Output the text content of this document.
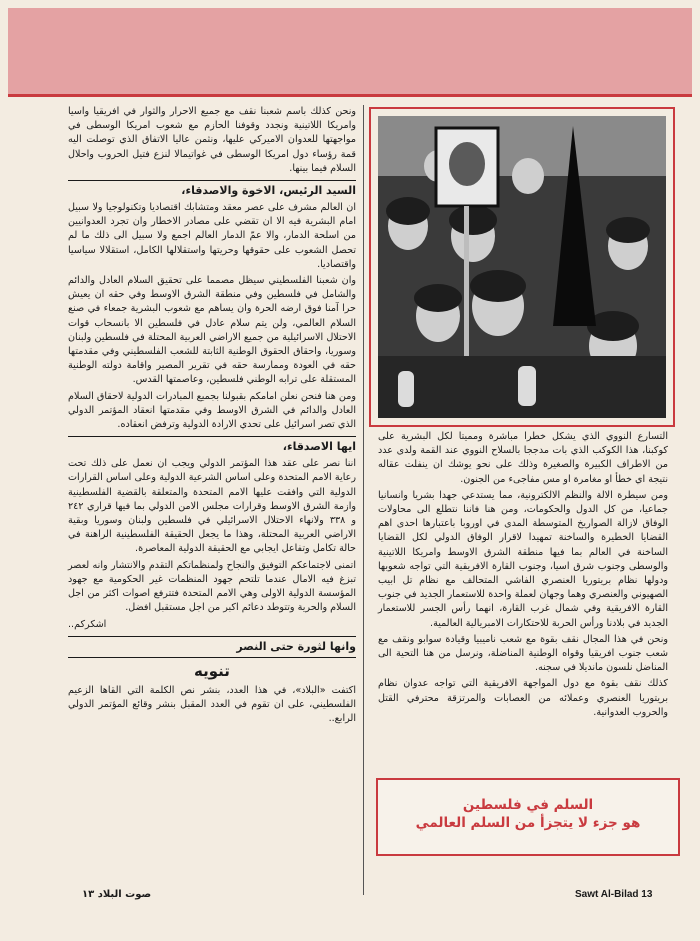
ونحن كذلك باسم شعبنا نقف مع جميع الاحرار والثوار في افريقيا واسيا وامريكا اللاتينية ونجدد وقوفنا الحازم مع شعوب امريكا الوسطى في مواجهتها للعدوان الاميركي عليها، ونثمن عاليا الاتفاق الذي توصلت اليه قمة رؤساء دول امريكا الوسطى في غواتيمالا لنزع فتيل الحروب واحلال السلام فيما بينها.

السيد الرئيس، الاخوة والاصدقاء،

ان العالم مشرف على عصر معقد ومتشابك اقتصاديا وتكنولوجيا ولا سبيل امام البشرية فيه الا ان تقضي على مصادر الاخطار وان تجرد العدوانيين من اسلحة الدمار، والا عمّ الدمار العالم اجمع ولا سبيل الى ذلك ما لم تحصل الشعوب على حقوقها وحريتها واستقلالها الكامل، استقلالا سياسيا واقتصاديا.

وان شعبنا الفلسطيني سيظل مصمما على تحقيق السلام العادل والدائم والشامل في فلسطين وفي منطقة الشرق الاوسط وفي حقه ان يعيش حرا آمنا فوق ارضه الحرة وان يساهم مع شعوب البشرية جمعاء في صنع السلام العالمي، ولن يتم سلام عادل في فلسطين الا بانسحاب قوات الاحتلال الاسرائيلية من جميع الاراضي العربية المحتلة في فلسطين ولبنان وسوريا، واحقاق الحقوق الوطنية الثابتة للشعب الفلسطيني وفي مقدمتها حقه في العودة وممارسة حقه في تقرير المصير واقامة دولته الوطنية المستقلة على ترابه الوطني فلسطين، وعاصمتها القدس.

ومن هنا فنحن نعلن امامكم بقبولنا بجميع المبادرات الدولية لاحقاق السلام العادل والدائم في الشرق الاوسط وفي مقدمتها انعقاد المؤتمر الدولي الذي تصر اسرائيل على تحدي الارادة الدولية وترفض انعقاده.

ايها الاصدقاء،

اننا نصر على عقد هذا المؤتمر الدولي ويجب ان نعمل على ذلك تحت رعاية الامم المتحدة وعلى اساس الشرعية الدولية وعلى اساس القرارات الدولية التي وافقت عليها الامم المتحدة والمتعلقة بالقضية الفلسطينية وازمة الشرق الاوسط وقرارات مجلس الامن الدولي بما فيها قراري ٢٤٢ و ٣٣٨ ولانهاء الاحتلال الاسرائيلي في فلسطين ولبنان وسوريا وبقية الاراضي العربية المحتلة، وهذا ما يجعل الحقيقة الفلسطينية الراهنة في حالة تكامل وتفاعل ايجابي مع الحقيقة الدولية المعاصرة.

اتمنى لاجتماعكم التوفيق والنجاح ولمنظماتكم التقدم والانتشار وانه لعصر تبزغ فيه الامال عندما تلتحم جهود المنظمات غير الحكومية مع جهود المؤسسة الدولية الاولى وهي الامم المتحدة فتترفع اصوات اكثر من اجل السلام والحرية وتتوطد دعائم اكبر من اجل مستقبل افضل.

اشكركم..

وانها لثورة حتى النصر
تنويه

اكتفت «البلاد»، في هذا العدد، بنشر نص الكلمة التي القاها الزعيم الفلسطيني، على ان تقوم في العدد المقبل بنشر وقائع المؤتمر الدولي الرابع..

التسارع النووي الذي يشكل خطرا مباشرة ومميتا لكل البشرية على كوكبنا، هذا الكوكب الذي بات مدججا بالسلاح النووي عند القمة ولدى عدد من الاطراف الكبيرة والصغيرة وذلك على نحو يوشك ان ينفلت عقاله نتيجة اي خطأ او مغامرة او مس مفاجىء من الجنون.

ومن سيطرة الالة والنظم الالكترونية، مما يستدعي جهدا بشريا وانسانيا جماعيا، من كل الدول والحكومات، ومن هنا فاننا نتطلع الى محاولات الوفاق لازالة الصواريخ المتوسطة المدى في اوروبا باعتبارها احدى اهم القضايا الخطيرة والساخنة تمهيدا لاقرار الوفاق الدولي لكل القضايا الساخنة في العالم بما فيها منطقة الشرق الاوسط وامريكا اللاتينية والوسطى وجنوب شرق اسيا، وجنوب القارة الافريقية التي تواجه شعوبها ودولها نظام بريتوريا العنصري الفاشي المتحالف مع نظام تل ابيب الصهيوني والعنصري وهما وجهان لعملة واحدة للاستعمار الجديد في جنوب القارة الافريقية وفي شمال غرب القارة، انهما رأس الجسر للاستعمار الجديد في بلادنا ورأس الحربة للاحتكارات الامبريالية العالمية.

ونحن في هذا المجال نقف بقوة مع شعب ناميبيا وقيادة سوابو ونقف مع شعب جنوب افريقيا وقواه الوطنية المناضلة، ونرسل من هنا التحية الى المناضل نلسون مانديلا في سجنه.

كذلك نقف بقوة مع دول المواجهة الافريقية التي تواجه عدوان نظام بريتوريا العنصري وعملائه من العصابات والمرتزقة محترفي القتل والحروب العدوانية.

السلم في فلسطين
هو جزء لا يتجزأ من السلم العالمي
Sawt Al-Bilad 13
صوت البلاد ١٣
